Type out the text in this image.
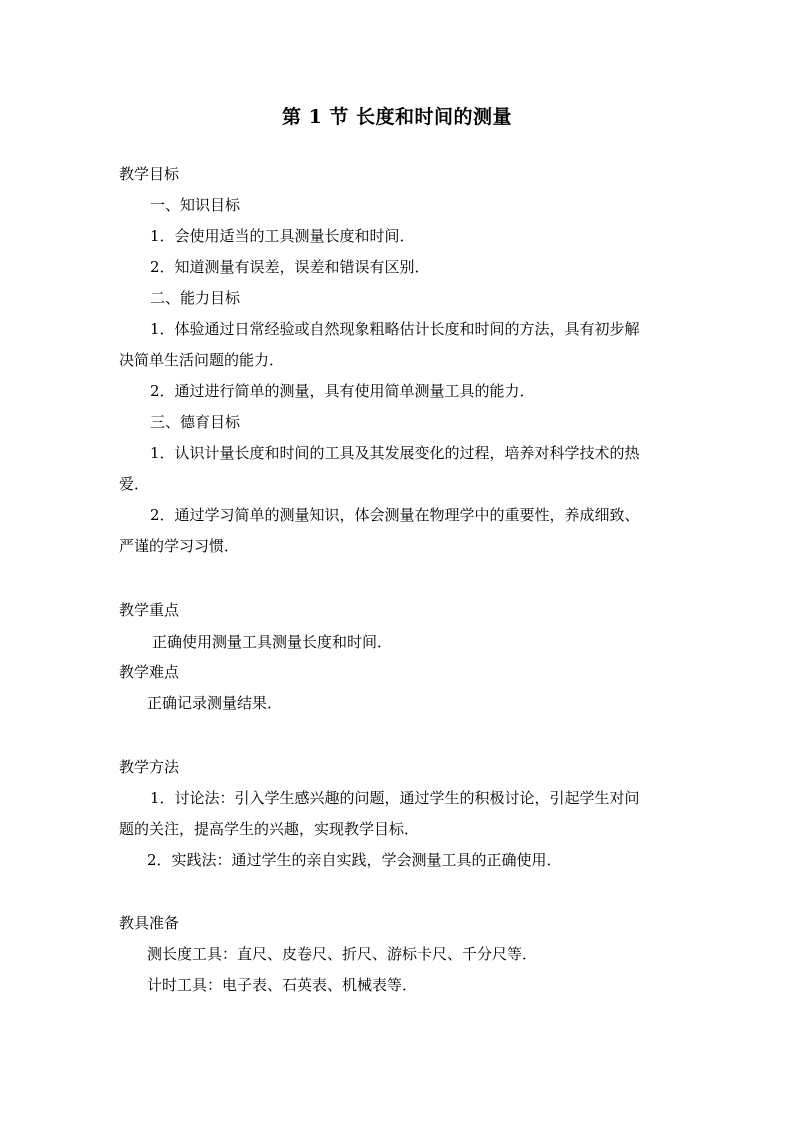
第 1 节 长度和时间的测量
教学目标
一、知识目标
1．会使用适当的工具测量长度和时间．
2．知道测量有误差，误差和错误有区别．
二、能力目标
1．体验通过日常经验或自然现象粗略估计长度和时间的方法，具有初步解
决简单生活问题的能力．
2．通过进行简单的测量，具有使用简单测量工具的能力．
三、德育目标
1．认识计量长度和时间的工具及其发展变化的过程，培养对科学技术的热
爱．
2．通过学习简单的测量知识，体会测量在物理学中的重要性，养成细致、
严谨的学习习惯．
教学重点
正确使用测量工具测量长度和时间．
教学难点
正确记录测量结果．
教学方法
1．讨论法：引入学生感兴趣的问题，通过学生的积极讨论，引起学生对问
题的关注，提高学生的兴趣，实现教学目标．
2．实践法：通过学生的亲自实践，学会测量工具的正确使用．
教具准备
测长度工具：直尺、皮卷尺、折尺、游标卡尺、千分尺等．
计时工具：电子表、石英表、机械表等．
